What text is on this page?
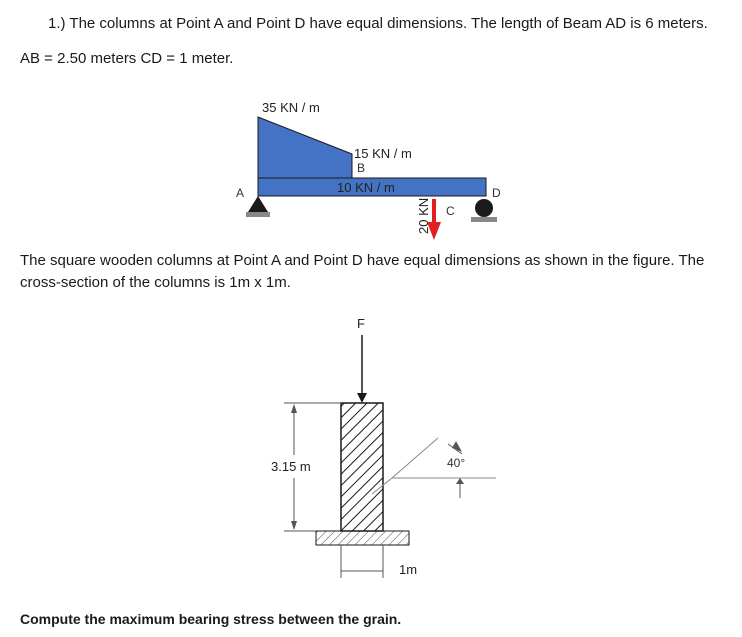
1.) The columns at Point A and Point D have equal dimensions. The length of Beam AD is 6 meters.
AB = 2.50 meters CD = 1 meter.
The square wooden columns at Point A and Point D have equal dimensions as shown in the figure. The
cross-section of the columns is 1m x 1m.
Compute the maximum bearing stress between the grain.
35 KN / m
15 KN / m
B
10 KN / m
A	D
C
20 KN
F
3.15 m
1m
40°
